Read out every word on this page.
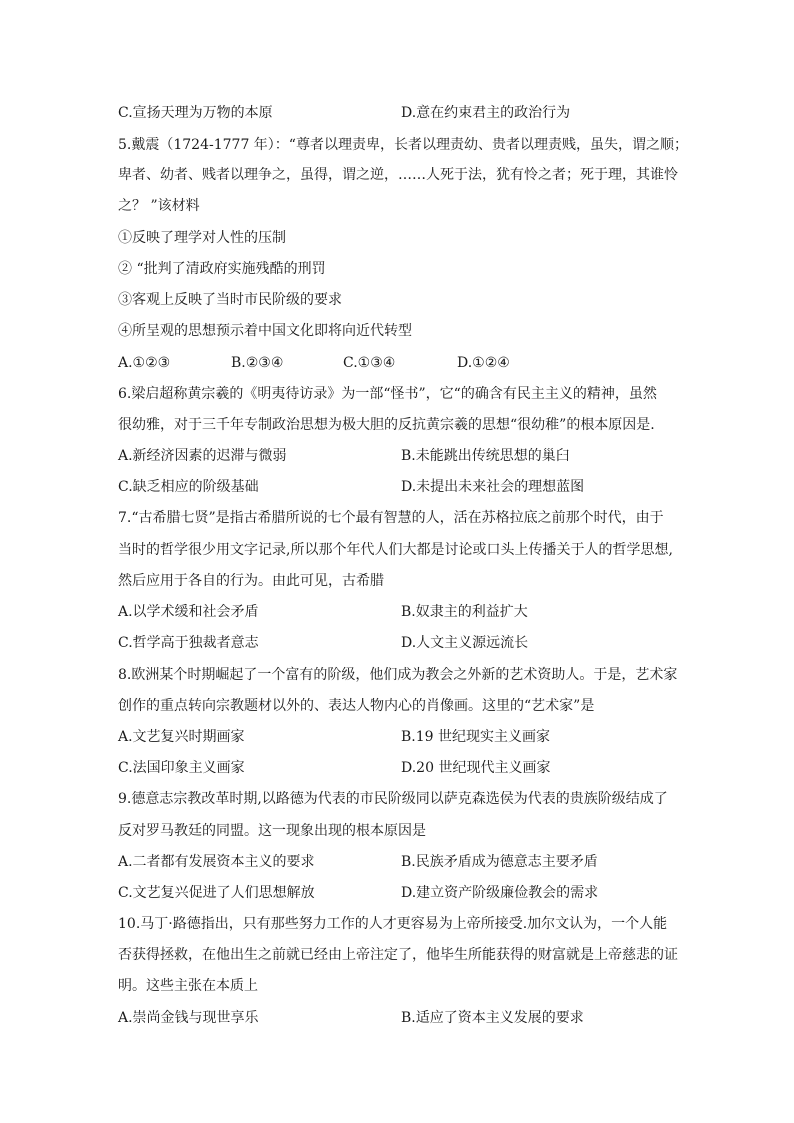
C.宣扬天理为万物的本原	D.意在约束君主的政治行为
5.戴震（1724-1777 年）：“尊者以理责卑，长者以理责幼、贵者以理责贱，虽失，谓之顺；
卑者、幼者、贱者以理争之，虽得，谓之逆，……人死于法，犹有怜之者；死于理，其谁怜
之？ ”该材料
①反映了理学对人性的压制
② “批判了清政府实施残酷的刑罚
③客观上反映了当时市民阶级的要求
④所呈观的思想预示着中国文化即将向近代转型
A.①②③	B.②③④	C.①③④	D.①②④
6.梁启超称黄宗羲的《明夷待访录》为一部“怪书”，它“的确含有民主主义的精神，虽然
很幼雅，对于三千年专制政治思想为极大胆的反抗黄宗羲的思想“很幼稚”的根本原因是.
A.新经济因素的迟滞与微弱	B.未能跳出传统思想的巢臼
C.缺乏相应的阶级基础	D.未提出未来社会的理想蓝图
7.“古希腊七贤”是指古希腊所说的七个最有智慧的人，活在苏格拉底之前那个时代，由于
当时的哲学很少用文字记录,所以那个年代人们大都是讨论或口头上传播关于人的哲学思想,
然后应用于各自的行为。由此可见，古希腊
A.以学术缓和社会矛盾	B.奴隶主的利益扩大
C.哲学高于独裁者意志	D.人文主义源远流长
8.欧洲某个时期崛起了一个富有的阶级，他们成为教会之外新的艺术资助人。于是，艺术家
创作的重点转向宗教题材以外的、表达人物内心的肖像画。这里的“艺术家”是
A.文艺复兴时期画家	B.19 世纪现实主义画家
C.法国印象主义画家	D.20 世纪现代主义画家
9.德意志宗教改革时期,以路德为代表的市民阶级同以萨克森选侯为代表的贵族阶级结成了
反对罗马教廷的同盟。这一现象出现的根本原因是
A.二者都有发展资本主义的要求	B.民族矛盾成为德意志主要矛盾
C.文艺复兴促进了人们思想解放	D.建立资产阶级廉俭教会的需求
10.马丁·路德指出，只有那些努力工作的人才更容易为上帝所接受.加尔文认为，一个人能
否获得拯救，在他出生之前就已经由上帝注定了，他毕生所能获得的财富就是上帝慈悲的证
明。这些主张在本质上
A.崇尚金钱与现世享乐	B.适应了资本主义发展的要求
